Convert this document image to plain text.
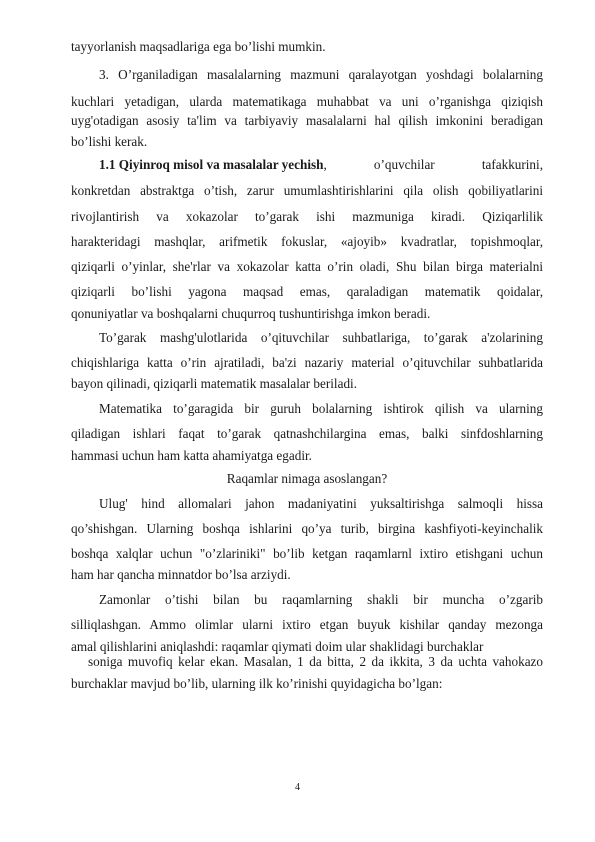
tayyorlanish maqsadlariga ega bo’lishi mumkin.
3. O’rganiladigan masalalarning mazmuni qaralayotgan yoshdagi bolalarning
kuchlari yetadigan, ularda matematikaga muhabbat va uni o’rganishga qiziqish
uyg'otadigan asosiy ta'lim va tarbiyaviy masalalarni hal qilish imkonini beradigan
bo’lishi kerak.
1.1 Qiyinroq misol va masalalar yechish , o’quvchilar tafakkurini,
konkretdan abstraktga o’tish, zarur umumlashtirishlarini qila olish qobiliyatlarini
rivojlantirish va xokazolar to’garak ishi mazmuniga kiradi. Qiziqarlilik
harakteridagi mashqlar, arifmetik fokuslar, «ajoyib» kvadratlar, topishmoqlar,
qiziqarli o’yinlar, she'rlar va xokazolar katta o’rin oladi, Shu bilan birga materialni
qiziqarli bo’lishi yagona maqsad emas, qaraladigan matematik qoidalar,
qonuniyatlar va boshqalarni chuqurroq tushuntirishga imkon beradi.
To’garak mashg'ulotlarida o’qituvchilar suhbatlariga, to’garak a'zolarining
chiqishlariga katta o’rin ajratiladi, ba'zi nazariy material o’qituvchilar suhbatlarida
bayon qilinadi, qiziqarli matematik masalalar beriladi.
Matematika to’garagida bir guruh bolalarning ishtirok qilish va ularning
qiladigan ishlari faqat to’garak qatnashchilargina emas, balki sinfdoshlarning
hammasi uchun ham katta ahamiyatga egadir.
Raqamlar nimaga asoslangan?
Ulug' hind allomalari jahon madaniyatini yuksaltirishga salmoqli hissa
qo’shishgan. Ularning boshqa ishlarini qo’ya turib, birgina kashfiyoti-keyinchalik
boshqa xalqlar uchun "o’zlariniki" bo’lib ketgan raqamlarnl ixtiro etishgani uchun
ham har qancha minnatdor bo’lsa arziydi.
Zamonlar o’tishi bilan bu raqamlarning shakli bir muncha o’zgarib
silliqlashgan. Ammo olimlar ularni ixtiro etgan buyuk kishilar qanday mezonga
amal qilishlarini aniqlashdi: raqamlar qiymati doim ular shaklidagi burchaklar
soniga muvofiq kelar ekan. Masalan, 1 da bitta, 2 da ikkita, 3 da uchta vahokazo
burchaklar mavjud bo’lib, ularning ilk ko’rinishi quyidagicha bo’lgan:
4
